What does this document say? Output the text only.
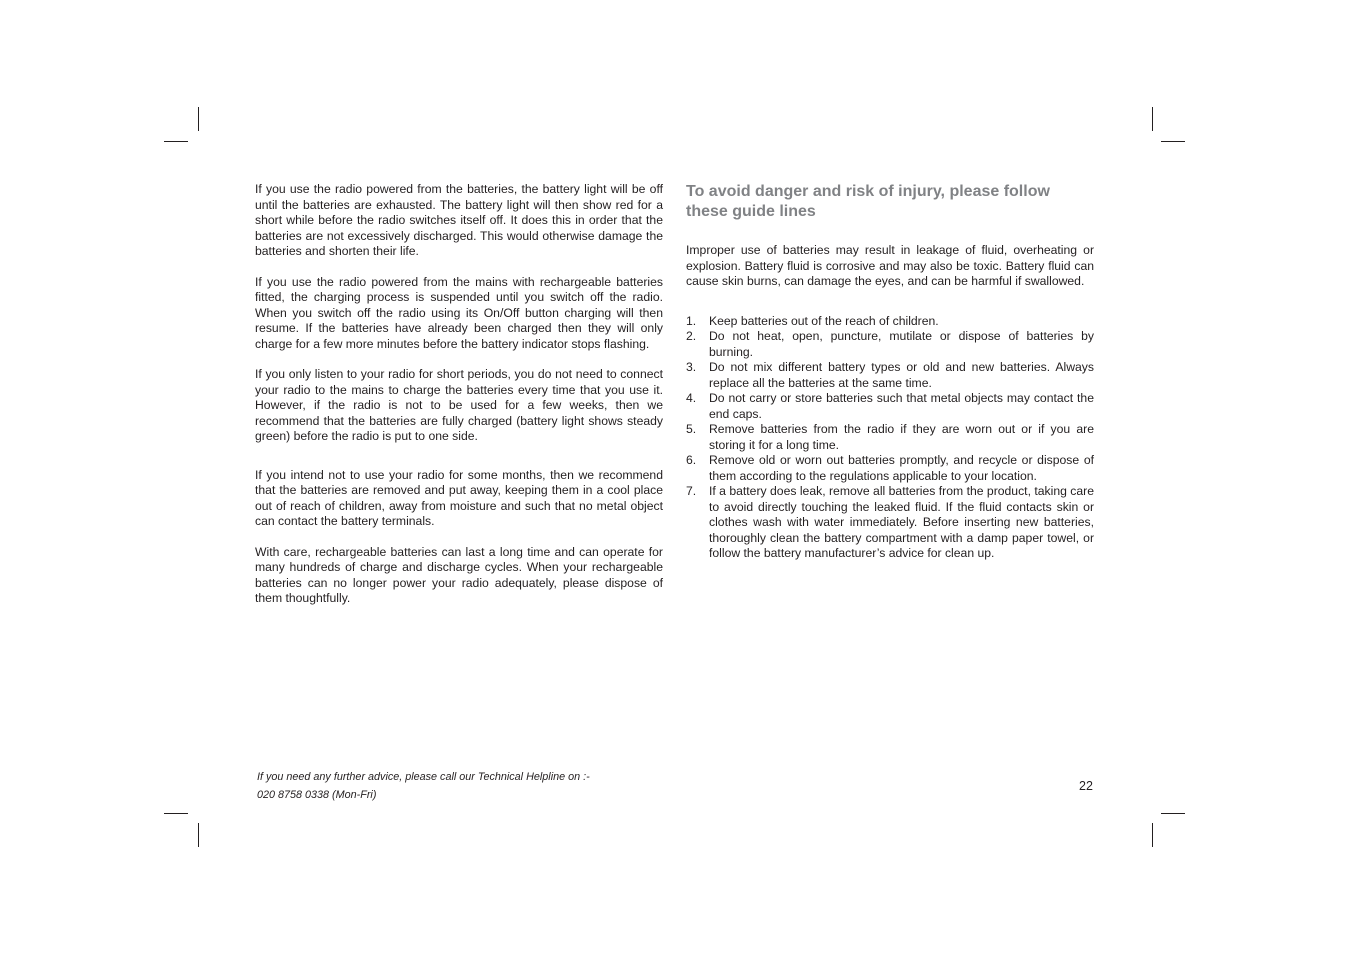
If you use the radio powered from the batteries, the battery light will be off until the batteries are exhausted. The battery light will then show red for a short while before the radio switches itself off. It does this in order that the batteries are not excessively discharged. This would otherwise damage the batteries and shorten their life.

If you use the radio powered from the mains with rechargeable batteries fitted, the charging process is suspended until you switch off the radio. When you switch off the radio using its On/Off button charging will then resume. If the batteries have already been charged then they will only charge for a few more minutes before the battery indicator stops flashing.

If you only listen to your radio for short periods, you do not need to connect your radio to the mains to charge the batteries every time that you use it. However, if the radio is not to be used for a few weeks, then we recommend that the batteries are fully charged (battery light shows steady green) before the radio is put to one side.

If you intend not to use your radio for some months, then we recommend that the batteries are removed and put away, keeping them in a cool place out of reach of children, away from moisture and such that no metal object can contact the battery terminals.

With care, rechargeable batteries can last a long time and can operate for many hundreds of charge and discharge cycles. When your rechargeable batteries can no longer power your radio adequately, please dispose of them thoughtfully.

To avoid danger and risk of injury, please follow
these guide lines

Improper use of batteries may result in leakage of fluid, overheating or explosion. Battery fluid is corrosive and may also be toxic. Battery fluid can cause skin burns, can damage the eyes, and can be harmful if swallowed.

1.	Keep batteries out of the reach of children.
2.	Do not heat, open, puncture, mutilate or dispose of batteries by burning.
3.	Do not mix different battery types or old and new batteries. Always replace all the batteries at the same time.
4.	Do not carry or store batteries such that metal objects may contact the end caps.
5.	Remove batteries from the radio if they are worn out or if you are storing it for a long time.
6.	Remove old or worn out batteries promptly, and recycle or dispose of them according to the regulations applicable to your location.
7.	If a battery does leak, remove all batteries from the product, taking care to avoid directly touching the leaked fluid. If the fluid contacts skin or clothes wash with water immediately. Before inserting new batteries, thoroughly clean the battery compartment with a damp paper towel, or follow the battery manufacturer’s advice for clean up.
If you need any further advice, please call our Technical Helpline on :-
020 8758 0338 (Mon-Fri)
22
